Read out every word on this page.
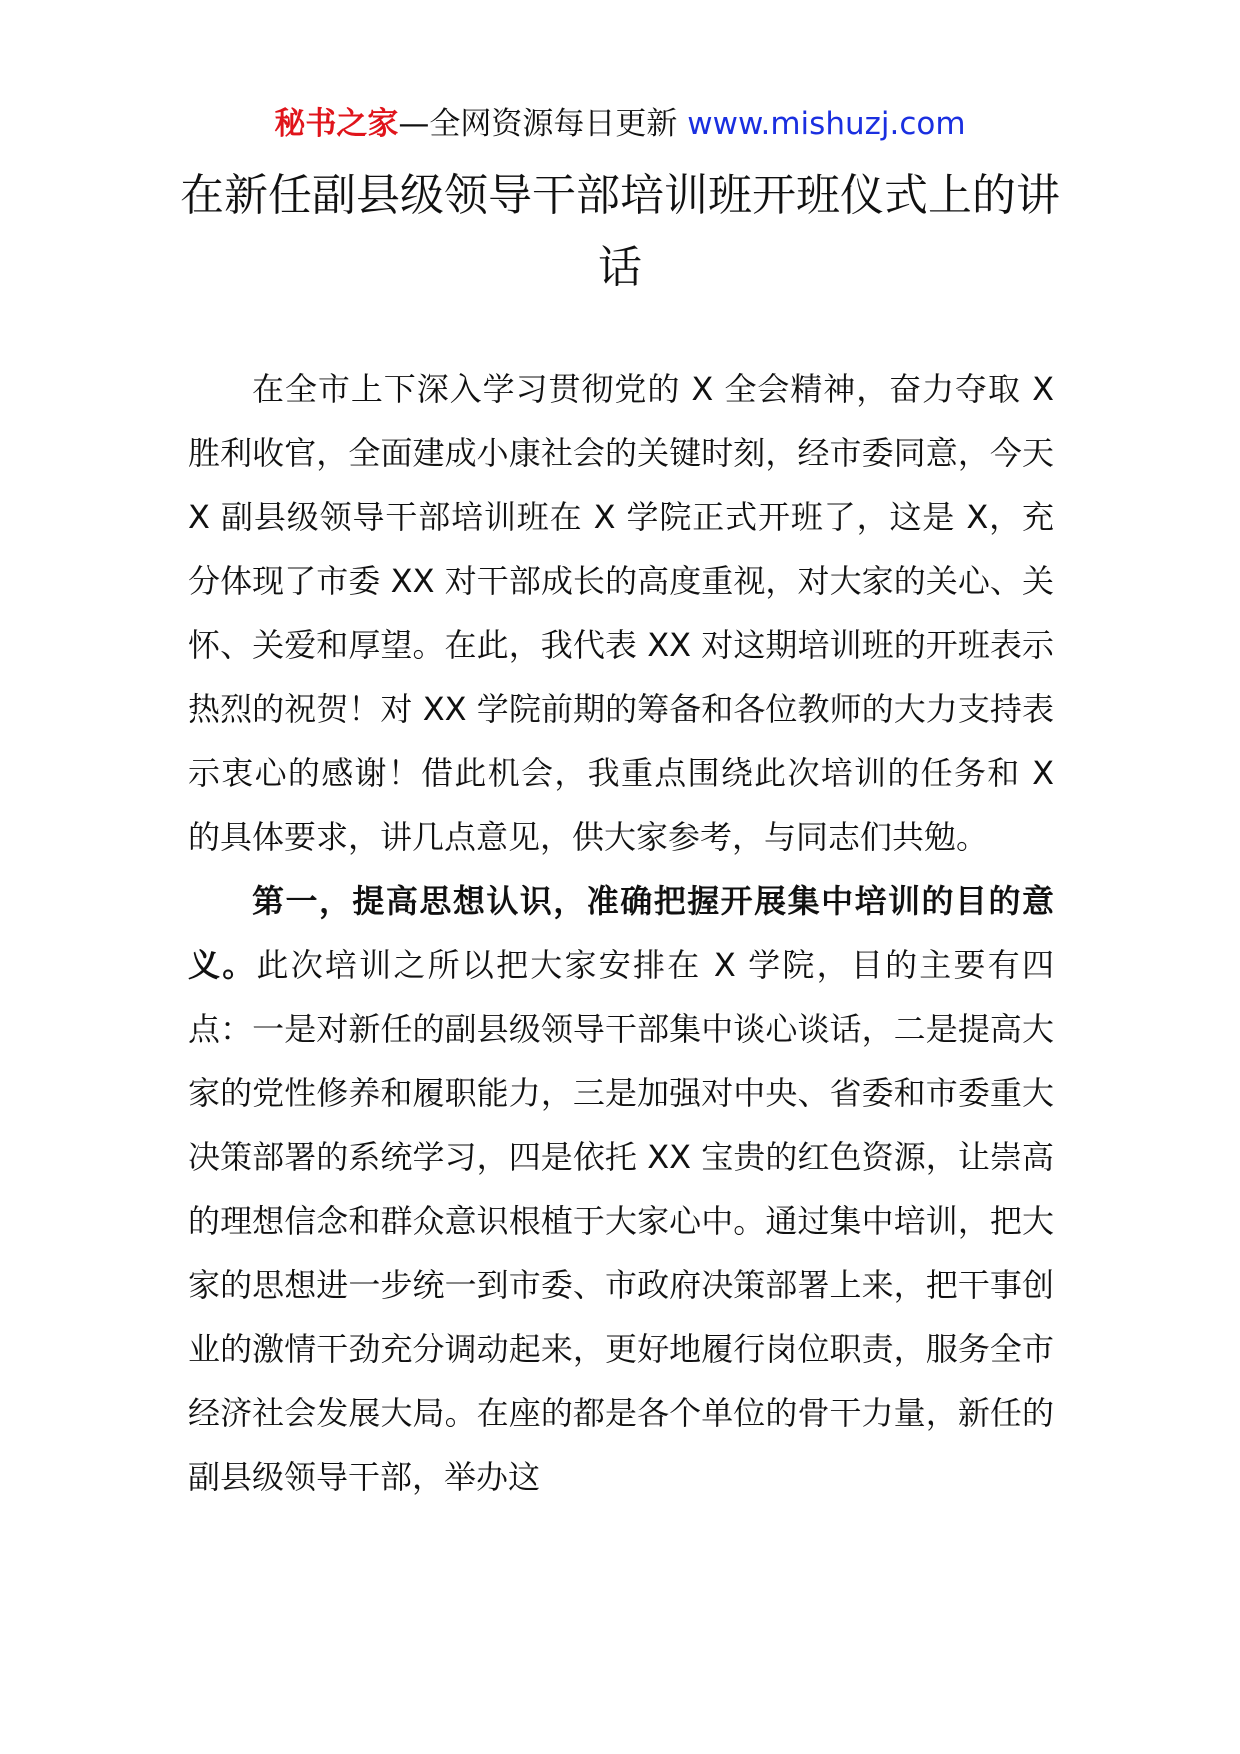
秘书之家—全网资源每日更新 www.mishuzj.com
在新任副县级领导干部培训班开班仪式上的讲话

在全市上下深入学习贯彻党的 X 全会精神，奋力夺取 X 胜利收官，全面建成小康社会的关键时刻，经市委同意，今天 X 副县级领导干部培训班在 X 学院正式开班了，这是 X，充分体现了市委 XX 对干部成长的高度重视，对大家的关心、关怀、关爱和厚望。在此，我代表 XX 对这期培训班的开班表示热烈的祝贺！对 XX 学院前期的筹备和各位教师的大力支持表示衷心的感谢！借此机会，我重点围绕此次培训的任务和 X 的具体要求，讲几点意见，供大家参考，与同志们共勉。

第一，提高思想认识，准确把握开展集中培训的目的意义。此次培训之所以把大家安排在 X 学院，目的主要有四点：一是对新任的副县级领导干部集中谈心谈话，二是提高大家的党性修养和履职能力，三是加强对中央、省委和市委重大决策部署的系统学习，四是依托 XX 宝贵的红色资源，让崇高的理想信念和群众意识根植于大家心中。通过集中培训，把大家的思想进一步统一到市委、市政府决策部署上来，把干事创业的激情干劲充分调动起来，更好地履行岗位职责，服务全市经济社会发展大局。在座的都是各个单位的骨干力量，新任的副县级领导干部，举办这
